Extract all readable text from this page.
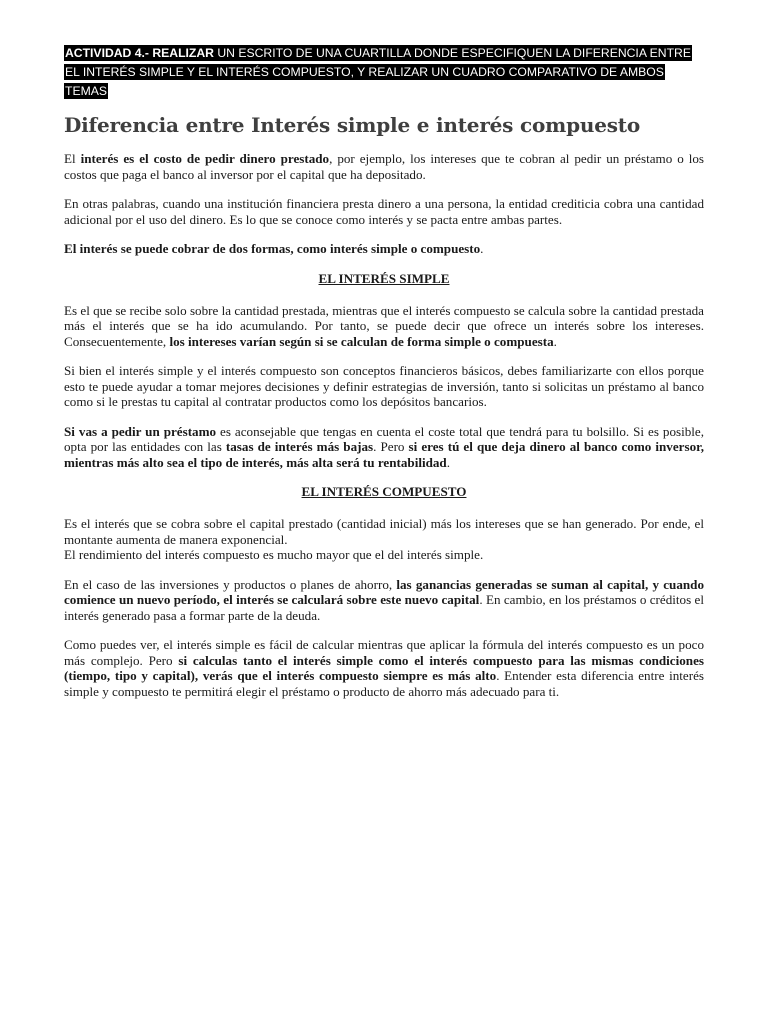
ACTIVIDAD 4.- REALIZAR UN ESCRITO DE UNA CUARTILLA DONDE ESPECIFIQUEN LA DIFERENCIA ENTRE EL INTERÉS SIMPLE Y EL INTERÉS COMPUESTO, Y REALIZAR UN CUADRO COMPARATIVO DE AMBOS TEMAS
Diferencia entre Interés simple e interés compuesto

El interés es el costo de pedir dinero prestado, por ejemplo, los intereses que te cobran al pedir un préstamo o los costos que paga el banco al inversor por el capital que ha depositado.

En otras palabras, cuando una institución financiera presta dinero a una persona, la entidad crediticia cobra una cantidad adicional por el uso del dinero. Es lo que se conoce como interés y se pacta entre ambas partes.

El interés se puede cobrar de dos formas, como interés simple o compuesto.

EL INTERÉS SIMPLE

Es el que se recibe solo sobre la cantidad prestada, mientras que el interés compuesto se calcula sobre la cantidad prestada más el interés que se ha ido acumulando. Por tanto, se puede decir que ofrece un interés sobre los intereses. Consecuentemente, los intereses varían según si se calculan de forma simple o compuesta.

Si bien el interés simple y el interés compuesto son conceptos financieros básicos, debes familiarizarte con ellos porque esto te puede ayudar a tomar mejores decisiones y definir estrategias de inversión, tanto si solicitas un préstamo al banco como si le prestas tu capital al contratar productos como los depósitos bancarios.

Si vas a pedir un préstamo es aconsejable que tengas en cuenta el coste total que tendrá para tu bolsillo. Si es posible, opta por las entidades con las tasas de interés más bajas. Pero si eres tú el que deja dinero al banco como inversor, mientras más alto sea el tipo de interés, más alta será tu rentabilidad.

EL INTERÉS COMPUESTO

Es el interés que se cobra sobre el capital prestado (cantidad inicial) más los intereses que se han generado. Por ende, el montante aumenta de manera exponencial.
El rendimiento del interés compuesto es mucho mayor que el del interés simple.

En el caso de las inversiones y productos o planes de ahorro, las ganancias generadas se suman al capital, y cuando comience un nuevo período, el interés se calculará sobre este nuevo capital. En cambio, en los préstamos o créditos el interés generado pasa a formar parte de la deuda.

Como puedes ver, el interés simple es fácil de calcular mientras que aplicar la fórmula del interés compuesto es un poco más complejo. Pero si calculas tanto el interés simple como el interés compuesto para las mismas condiciones (tiempo, tipo y capital), verás que el interés compuesto siempre es más alto. Entender esta diferencia entre interés simple y compuesto te permitirá elegir el préstamo o producto de ahorro más adecuado para ti.
